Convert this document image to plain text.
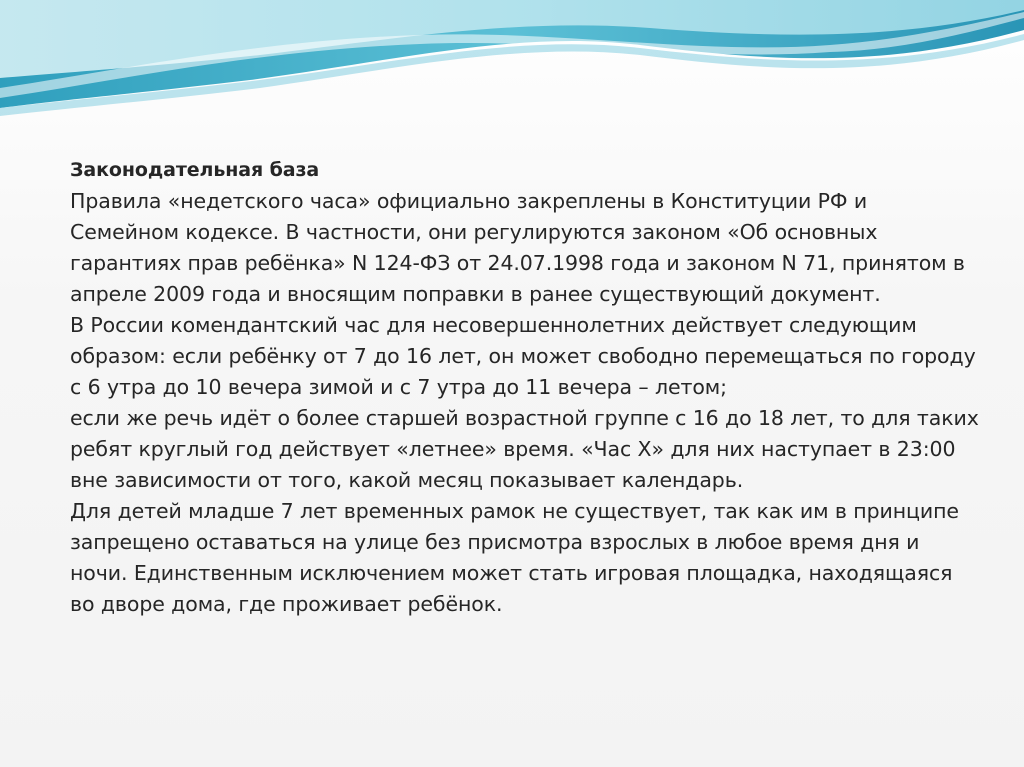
Законодательная база

Правила «недетского часа» официально закреплены в Конституции РФ и Семейном кодексе. В частности, они регулируются законом «Об основных гарантиях прав ребёнка» N 124-ФЗ от 24.07.1998 года и законом N 71, принятом в апреле 2009 года и вносящим поправки в ранее существующий документ.

В России комендантский час для несовершеннолетних действует следующим образом: если ребёнку от 7 до 16 лет, он может свободно перемещаться по городу с 6 утра до 10 вечера зимой и с 7 утра до 11 вечера – летом;

если же речь идёт о более старшей возрастной группе с 16 до 18 лет, то для таких ребят круглый год действует «летнее» время. «Час Х» для них наступает в 23:00 вне зависимости от того, какой месяц показывает календарь.

Для детей младше 7 лет временных рамок не существует, так как им в принципе запрещено оставаться на улице без присмотра взрослых в любое время дня и ночи. Единственным исключением может стать игровая площадка, находящаяся во дворе дома, где проживает ребёнок.
